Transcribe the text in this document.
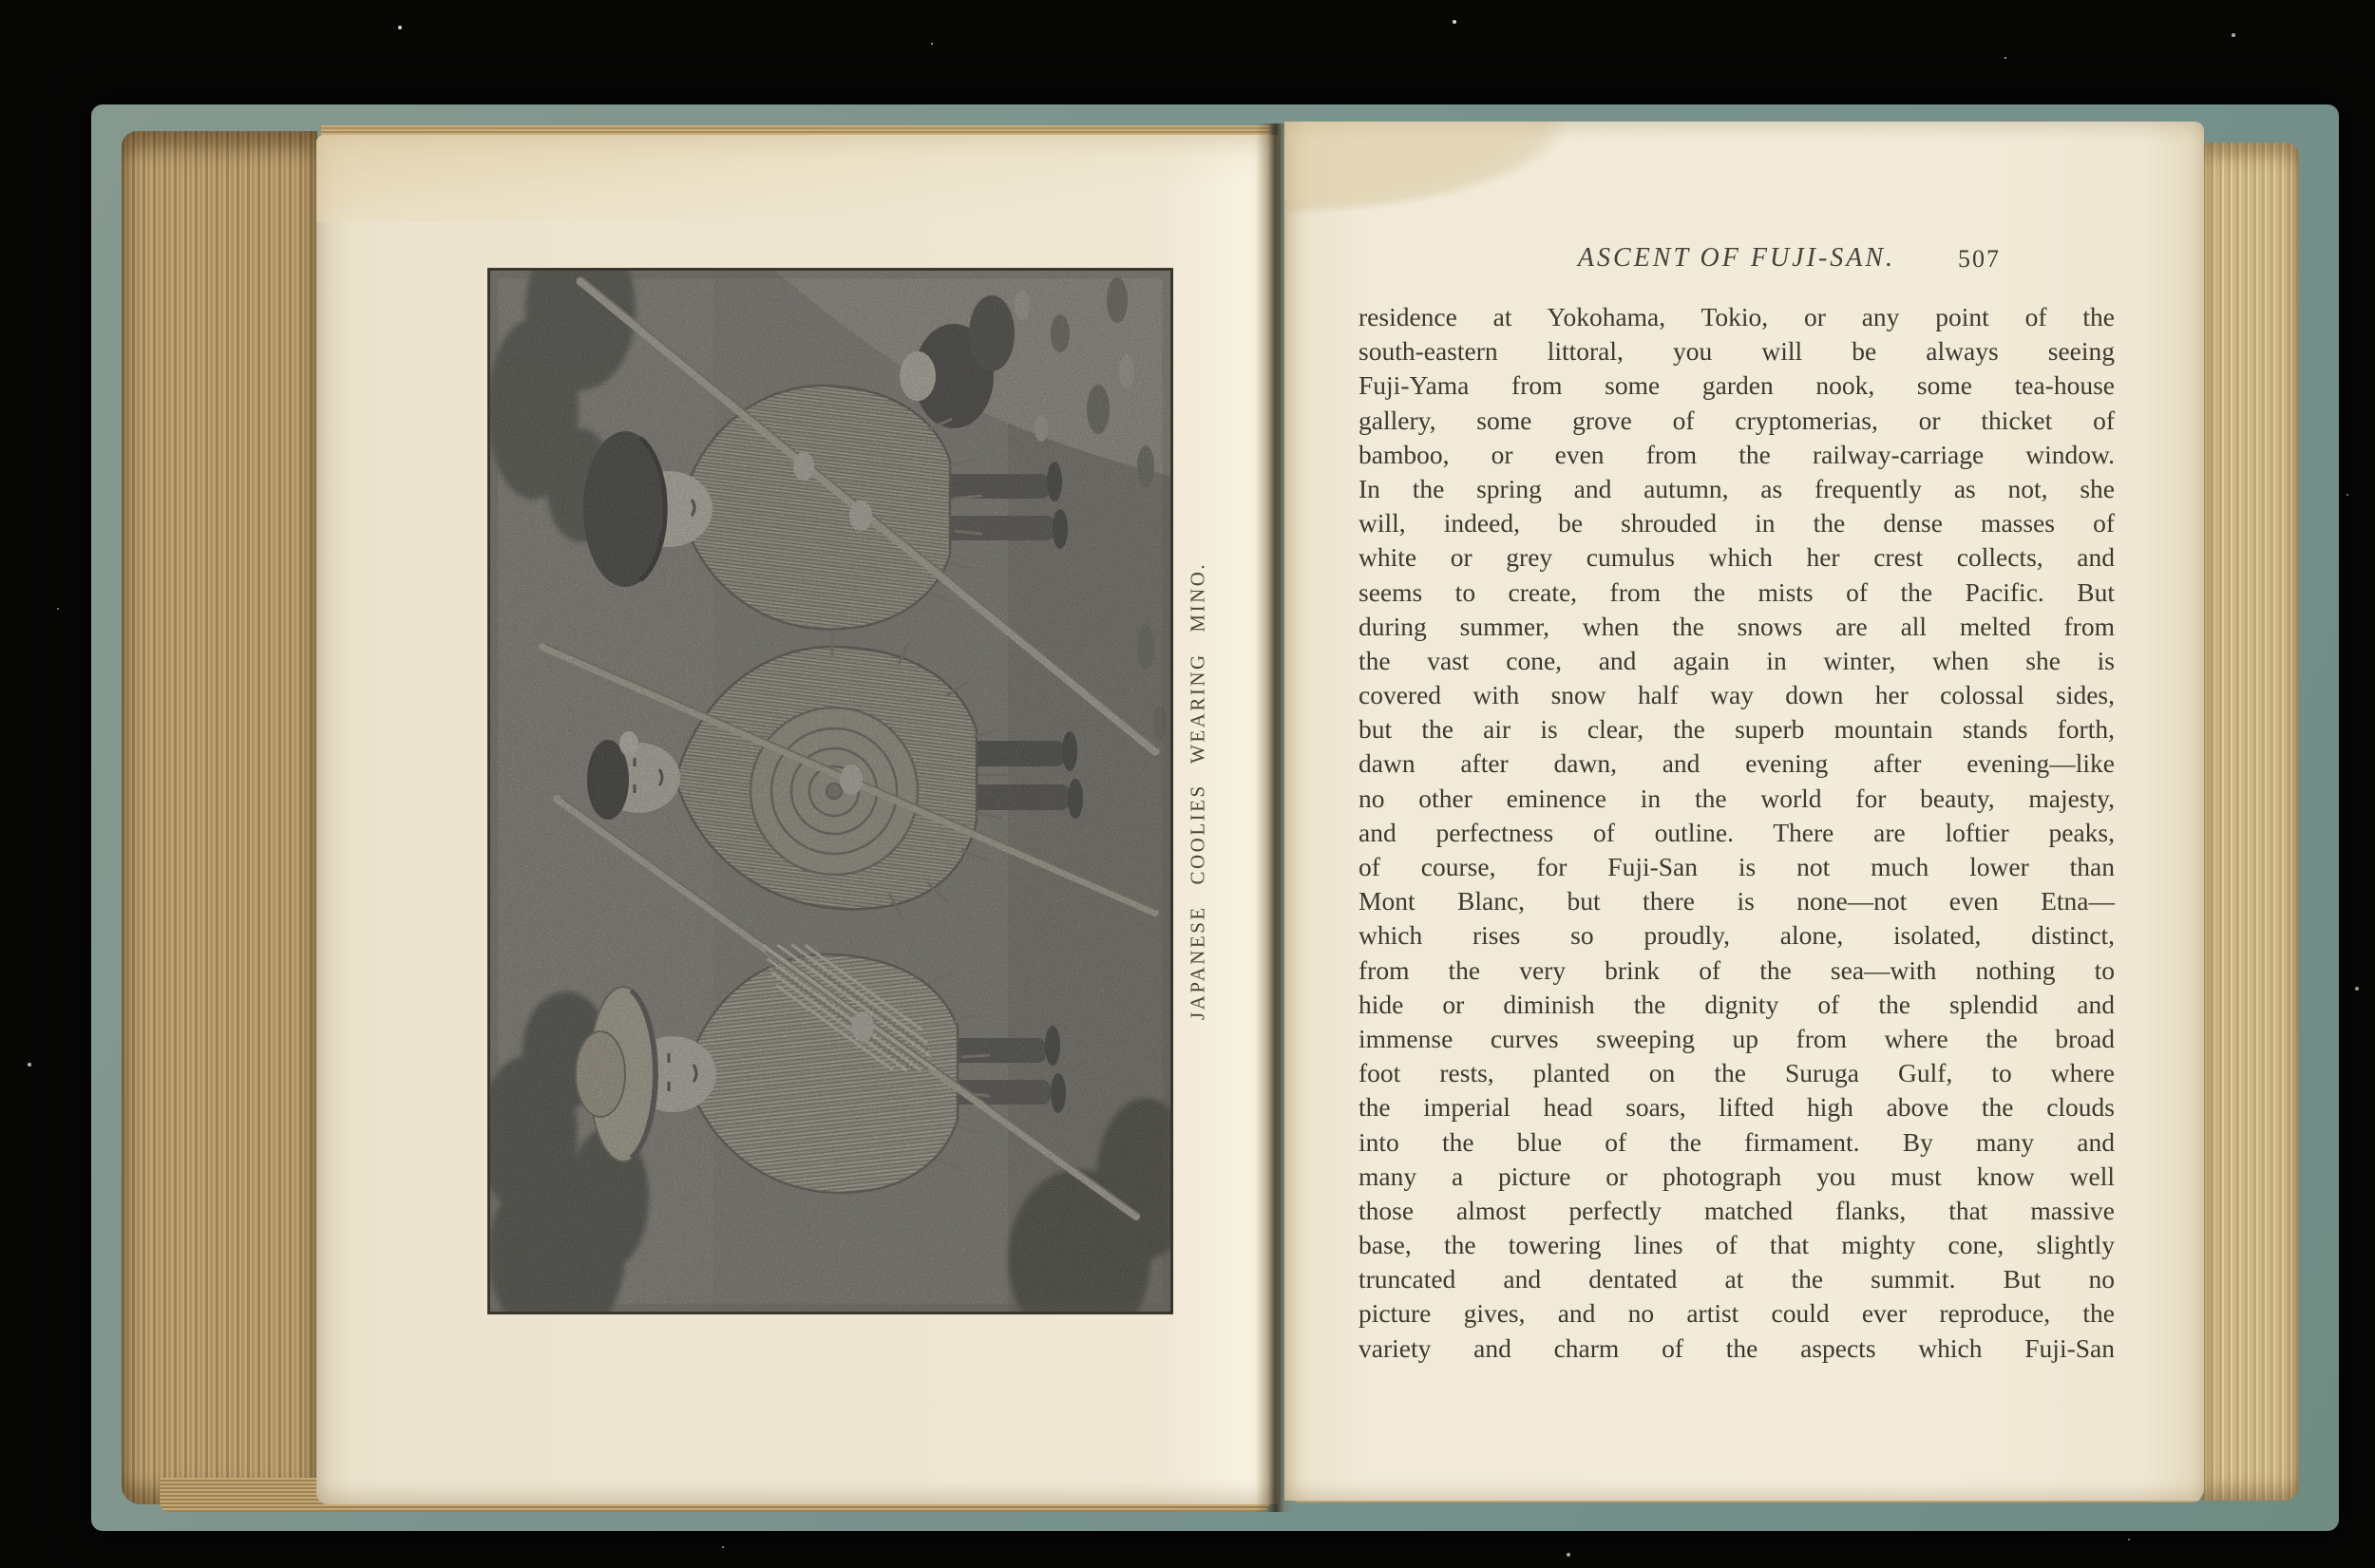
JAPANESE COOLIES WEARING MINO.
ASCENT OF FUJI-SAN.	507
residence at Yokohama, Tokio, or any point of the
south-eastern littoral, you will be always seeing
Fuji-Yama from some garden nook, some tea-house
gallery, some grove of cryptomerias, or thicket of
bamboo, or even from the railway-carriage window.
In the spring and autumn, as frequently as not, she
will, indeed, be shrouded in the dense masses of
white or grey cumulus which her crest collects, and
seems to create, from the mists of the Pacific. But
during summer, when the snows are all melted from
the vast cone, and again in winter, when she is
covered with snow half way down her colossal sides,
but the air is clear, the superb mountain stands forth,
dawn after dawn, and evening after evening—like
no other eminence in the world for beauty, majesty,
and perfectness of outline. There are loftier peaks,
of course, for Fuji-San is not much lower than
Mont Blanc, but there is none—not even Etna—
which rises so proudly, alone, isolated, distinct,
from the very brink of the sea—with nothing to
hide or diminish the dignity of the splendid and
immense curves sweeping up from where the broad
foot rests, planted on the Suruga Gulf, to where
the imperial head soars, lifted high above the clouds
into the blue of the firmament. By many and
many a picture or photograph you must know well
those almost perfectly matched flanks, that massive
base, the towering lines of that mighty cone, slightly
truncated and dentated at the summit. But no
picture gives, and no artist could ever reproduce, the
variety and charm of the aspects which Fuji-San
